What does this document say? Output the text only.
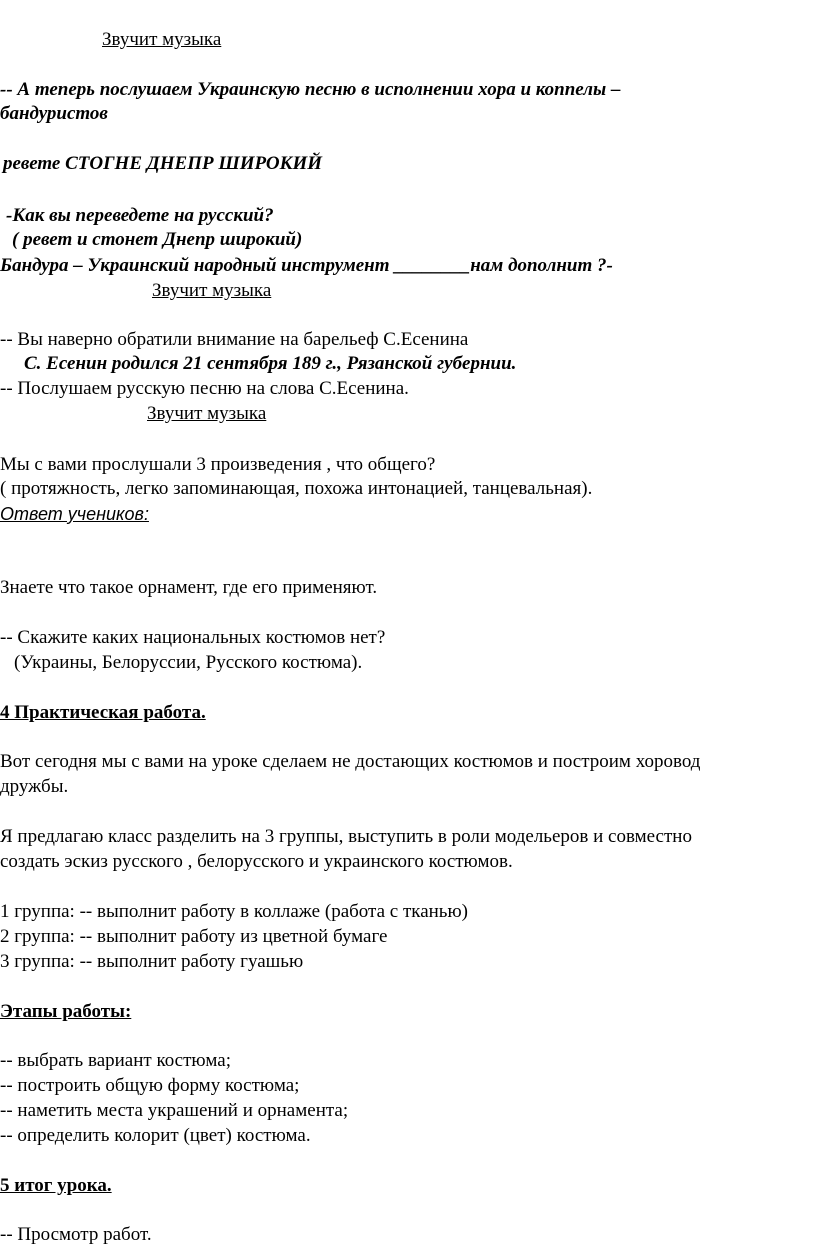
Звучит музыка
-- А теперь послушаем Украинскую песню в исполнении хора и коппелы –
бандуристов
ревете СТОГНЕ ДНЕПР ШИРОКИЙ
-Как вы переведете на русский?
( ревет и стонет Днепр широкий)
Бандура – Украинский народный инструмент ________нам дополнит ?-
Звучит музыка
-- Вы наверно обратили внимание на барельеф С.Есенина
С. Есенин родился 21 сентября 189 г., Рязанской губернии.
-- Послушаем русскую песню на слова С.Есенина.
Звучит музыка
Мы с вами прослушали 3 произведения , что общего?
( протяжность, легко запоминающая, похожа интонацией, танцевальная).
Ответ учеников:
Знаете что такое орнамент, где его применяют.
-- Скажите каких национальных костюмов нет?
(Украины, Белоруссии, Русского костюма).
4 Практическая работа.
Вот сегодня мы с вами на уроке сделаем не достающих костюмов и построим хоровод
дружбы.
Я предлагаю класс разделить на 3 группы, выступить в роли модельеров и совместно
создать эскиз русского , белорусского и украинского костюмов.
1 группа: -- выполнит работу в коллаже (работа с тканью)
2 группа: -- выполнит работу из цветной бумаге
3 группа: -- выполнит работу гуашью
Этапы работы:
-- выбрать вариант костюма;
-- построить общую форму костюма;
-- наметить места украшений и орнамента;
-- определить колорит (цвет) костюма.
5 итог урока.
-- Просмотр работ.
